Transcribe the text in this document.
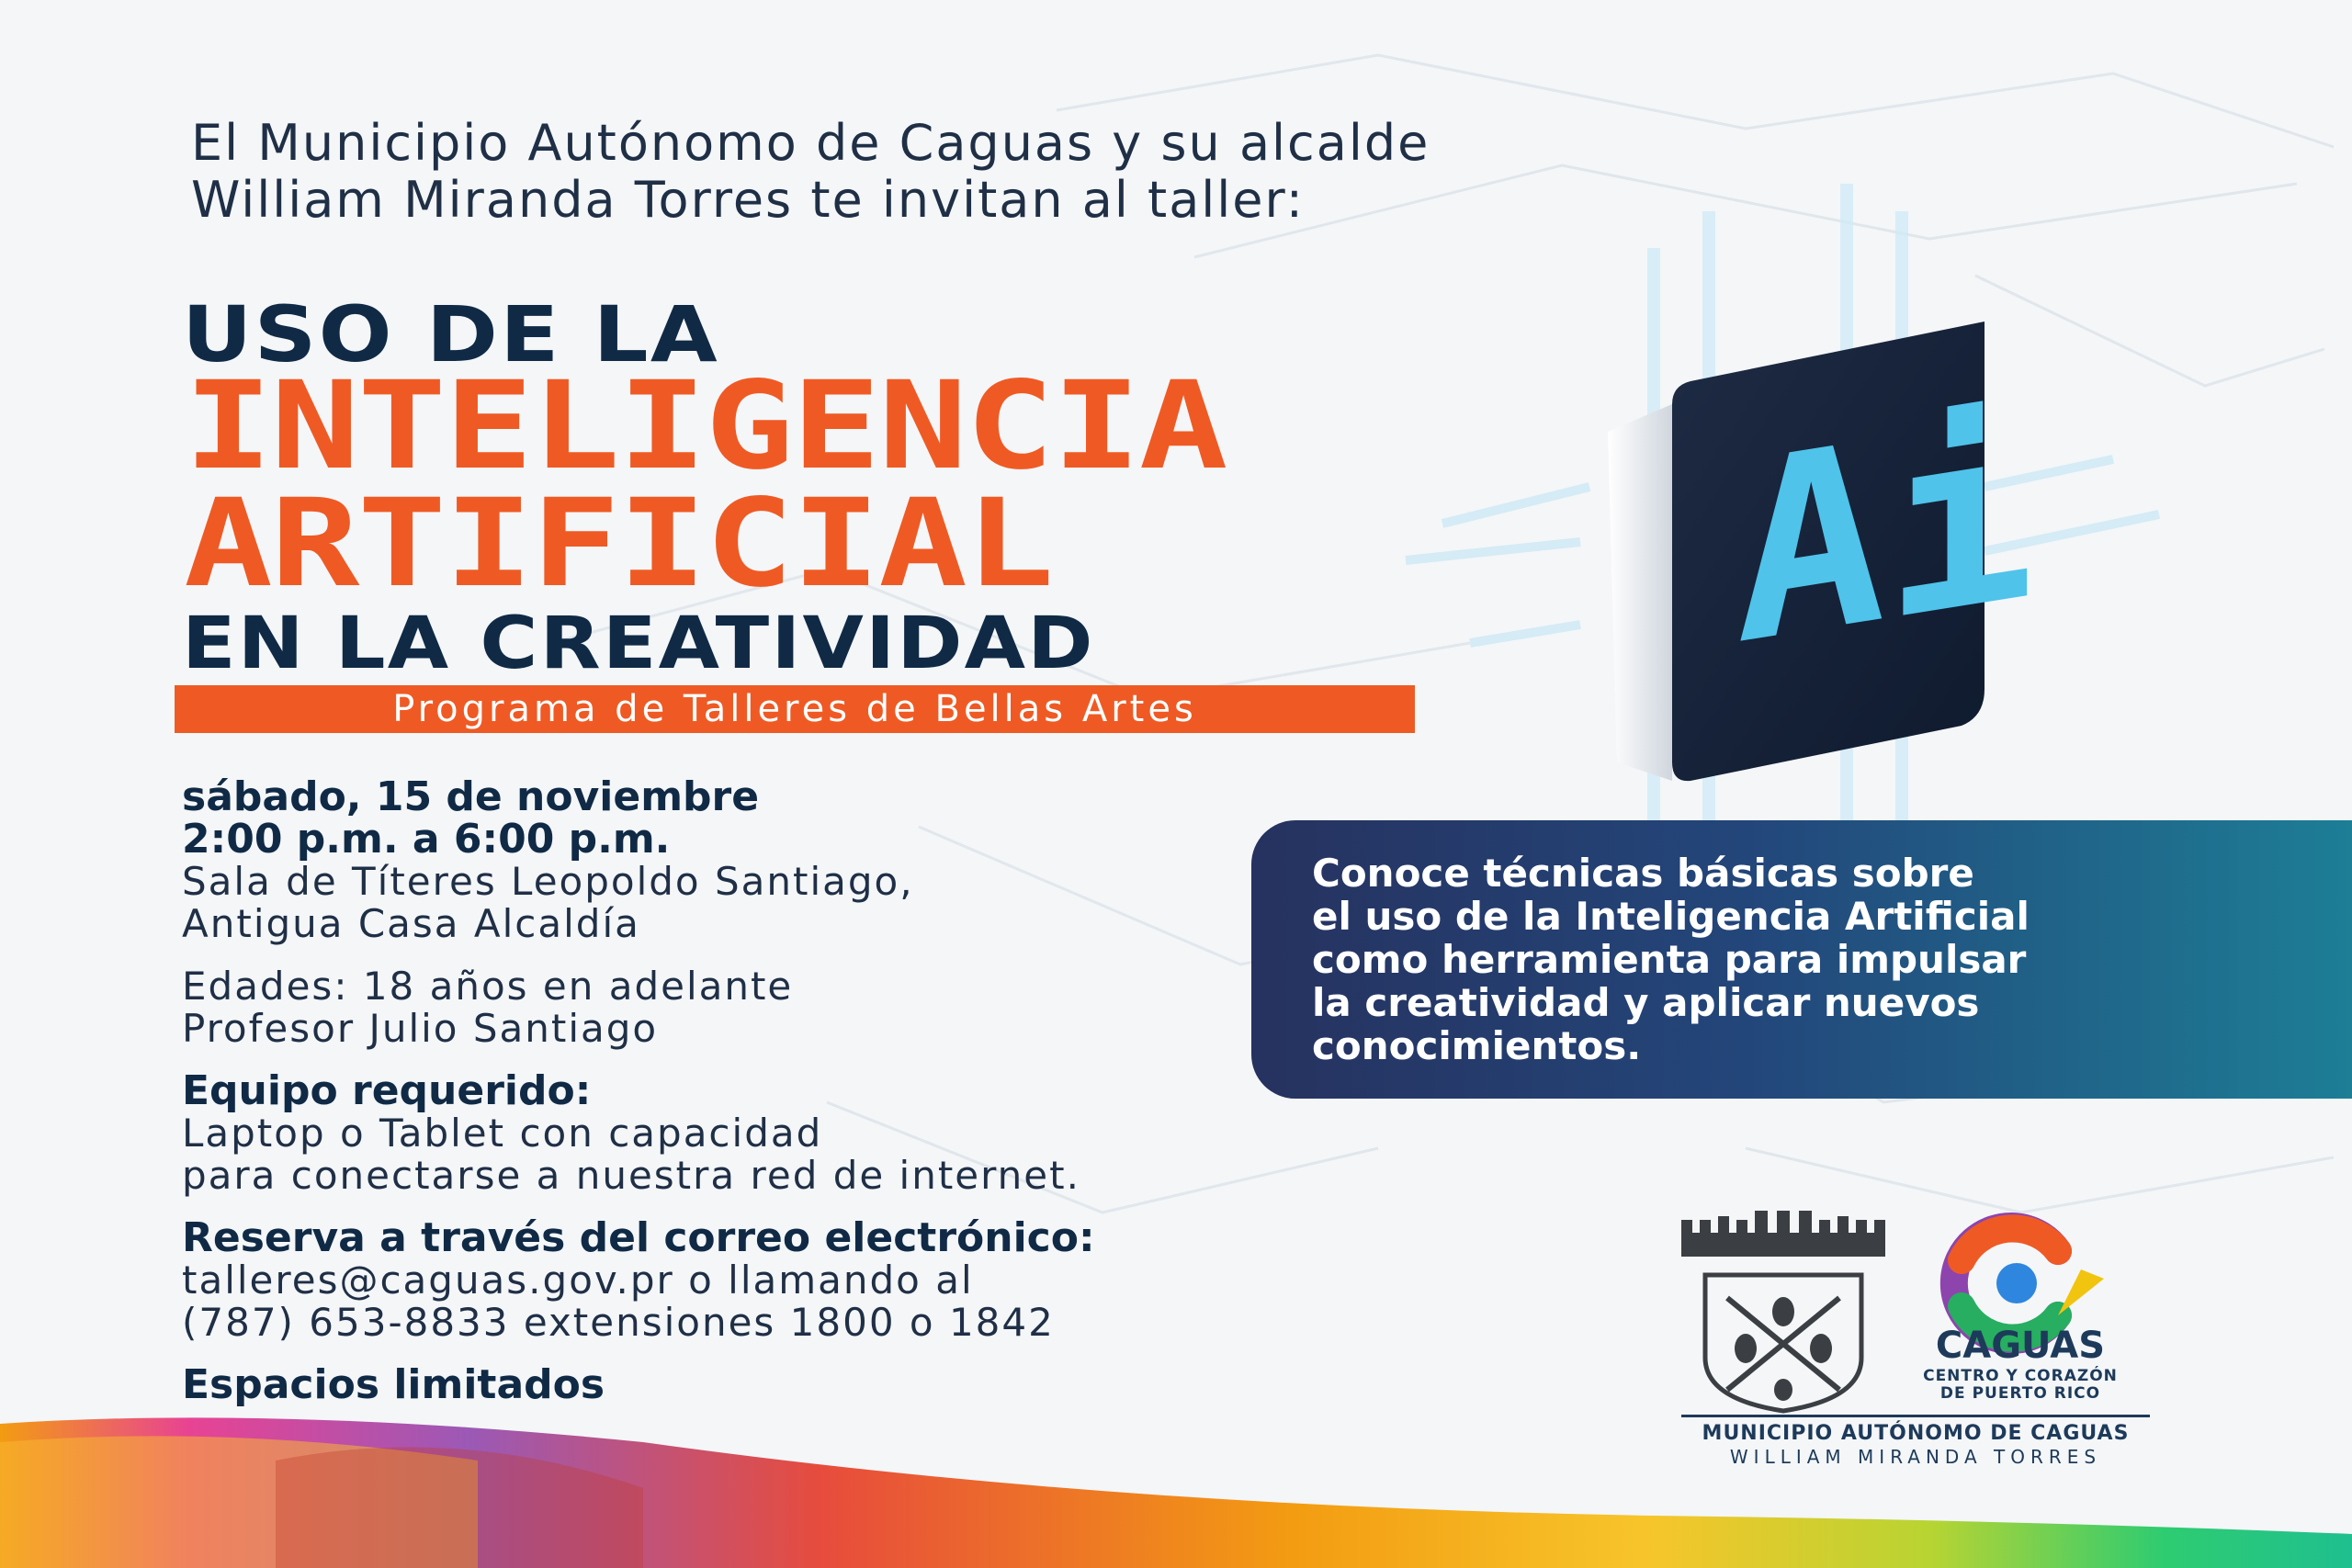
El Municipio Autónomo de Caguas y su alcalde
William Miranda Torres te invitan al taller:
USO DE LA
INTELIGENCIA
ARTIFICIAL
EN LA CREATIVIDAD
Programa de Talleres de Bellas Artes
sábado, 15 de noviembre
2:00 p.m. a 6:00 p.m.
Sala de Títeres Leopoldo Santiago,
Antigua Casa Alcaldía
Edades: 18 años en adelante
Profesor Julio Santiago
Equipo requerido:
Laptop o Tablet con capacidad
para conectarse a nuestra red de internet.
Reserva a través del correo electrónico:
talleres@caguas.gov.pr o llamando al
(787) 653-8833 extensiones 1800 o 1842
Espacios limitados
Conoce técnicas básicas sobre
el uso de la Inteligencia Artificial
como herramienta para impulsar
la creatividad y aplicar nuevos
conocimientos.
Ai
CAGUAS
CENTRO Y CORAZÓN
DE PUERTO RICO
MUNICIPIO AUTÓNOMO DE CAGUAS
WILLIAM MIRANDA TORRES
